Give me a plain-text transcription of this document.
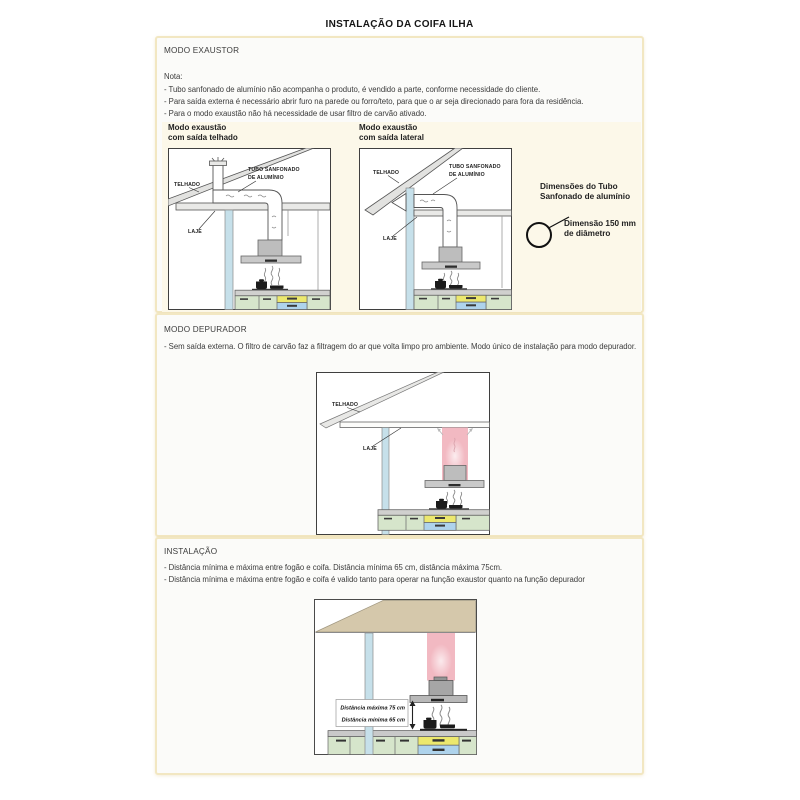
INSTALAÇÃO DA COIFA ILHA
MODO EXAUSTOR
Nota:
- Tubo sanfonado de alumínio não acompanha o produto, é vendido a parte, conforme necessidade do cliente.
- Para saída externa é necessário abrir furo na parede ou forro/teto, para que o ar seja direcionado para fora da residência.
- Para o modo exaustão não há necessidade de usar filtro de carvão ativado.
Modo exaustão
com saída telhado
TELHADO
TUBO SANFONADO
DE ALUMÍNIO
LAJE
Modo exaustão
com saída lateral
TELHADO
TUBO SANFONADO
DE ALUMÍNIO
LAJE
Dimensões do Tubo
Sanfonado de alumínio
Dimensão 150 mm
de diâmetro
MODO DEPURADOR
- Sem saída externa. O filtro de carvão faz a filtragem do ar que volta limpo pro ambiente. Modo único de instalação para modo depurador.
TELHADO
LAJE
INSTALAÇÃO
- Distância mínima e máxima entre fogão e coifa. Distância mínima 65 cm, distância máxima 75cm.
- Distância mínima e máxima entre fogão e coifa é valido tanto para operar na função exaustor quanto na função depurador
Distância máxima 75 cm
Distância mínima 65 cm
